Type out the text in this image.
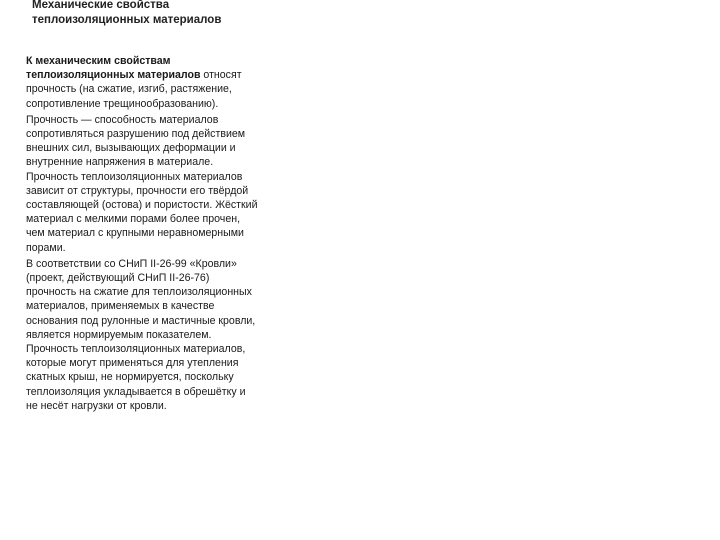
Механические свойства
теплоизоляционных материалов

К механическим свойствам теплоизоляционных материалов относят прочность (на сжатие, изгиб, растяжение, сопротивление трещинообразованию).

Прочность — способность материалов сопротивляться разрушению под действием внешних сил, вызывающих деформации и внутренние напряжения в материале. Прочность теплоизоляционных материалов зависит от структуры, прочности его твёрдой составляющей (остова) и пористости. Жёсткий материал с мелкими порами более прочен, чем материал с крупными неравномерными порами.

В соответствии со СНиП II-26-99 «Кровли» (проект, действующий СНиП II-26-76) прочность на сжатие для теплоизоляционных материалов, применяемых в качестве основания под рулонные и мастичные кровли, является нормируемым показателем. Прочность теплоизоляционных материалов, которые могут применяться для утепления скатных крыш, не нормируется, поскольку теплоизоляция укладывается в обрешётку и не несёт нагрузки от кровли.
